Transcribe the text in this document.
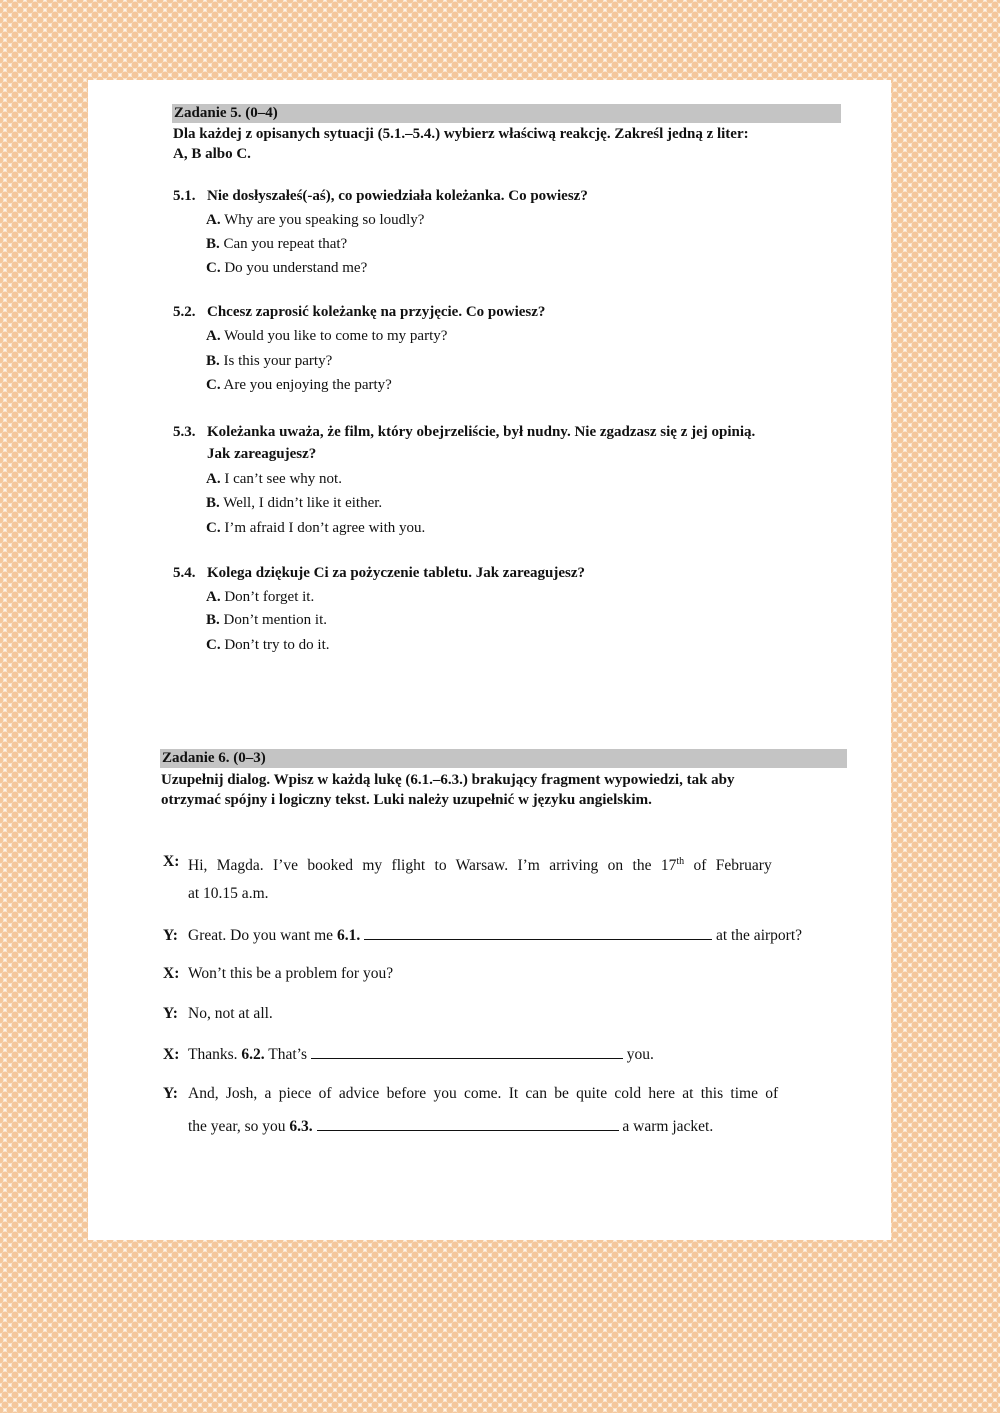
Zadanie 5. (0–4)
Dla każdej z opisanych sytuacji (5.1.–5.4.) wybierz właściwą reakcję. Zakreśl jedną z liter:
A, B albo C.
5.1. Nie dosłyszałeś(-aś), co powiedziała koleżanka. Co powiesz?
A. Why are you speaking so loudly?
B. Can you repeat that?
C. Do you understand me?
5.2. Chcesz zaprosić koleżankę na przyjęcie. Co powiesz?
A. Would you like to come to my party?
B. Is this your party?
C. Are you enjoying the party?
5.3. Koleżanka uważa, że film, który obejrzeliście, był nudny. Nie zgadzasz się z jej opinią.
Jak zareagujesz?
A. I can’t see why not.
B. Well, I didn’t like it either.
C. I’m afraid I don’t agree with you.
5.4. Kolega dziękuje Ci za pożyczenie tabletu. Jak zareagujesz?
A. Don’t forget it.
B. Don’t mention it.
C. Don’t try to do it.
Zadanie 6. (0–3)
Uzupełnij dialog. Wpisz w każdą lukę (6.1.–6.3.) brakujący fragment wypowiedzi, tak aby
otrzymać spójny i logiczny tekst. Luki należy uzupełnić w języku angielskim.
X: Hi, Magda. I’ve booked my flight to Warsaw. I’m arriving on the 17th of February
at 10.15 a.m.
Y: Great. Do you want me 6.1.	at the airport?
X: Won’t this be a problem for you?
Y: No, not at all.
X: Thanks. 6.2. That’s	you.
Y: And, Josh, a piece of advice before you come. It can be quite cold here at this time of
the year, so you 6.3.	a warm jacket.
